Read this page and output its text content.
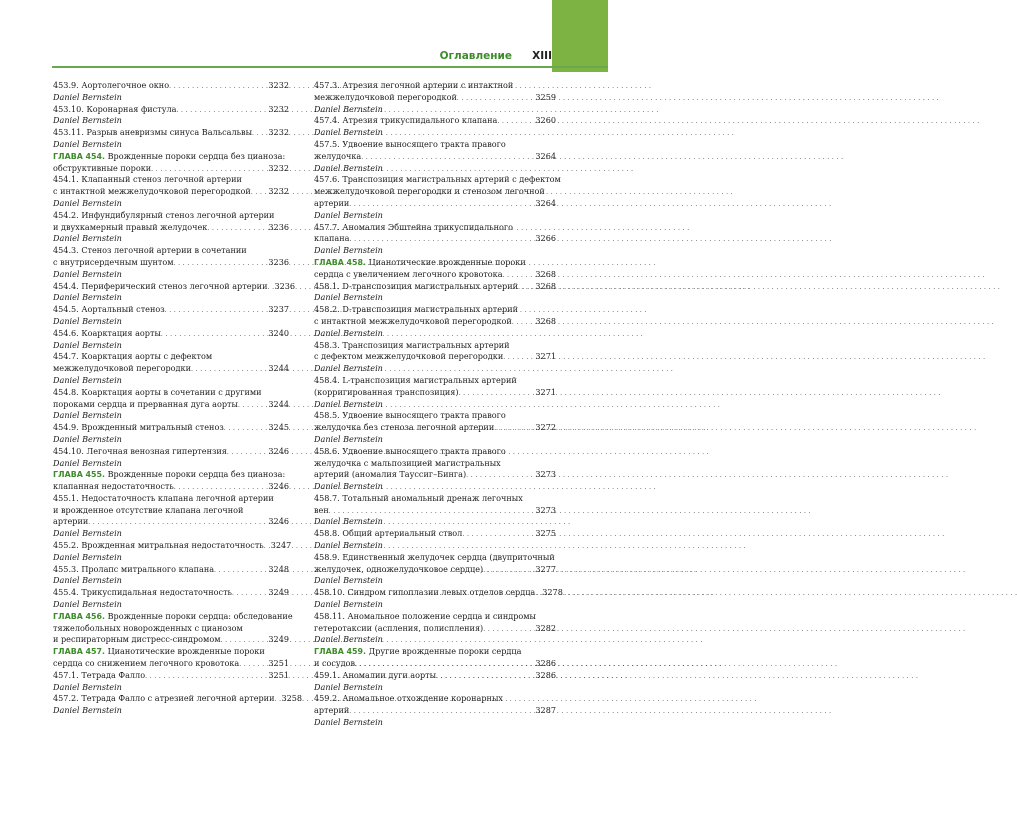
Оглавление XIII
453.9. Аортолегочное окно . . .	3232
Daniel Bernstein
453.10. Коронарная фистула . . .	3232
Daniel Bernstein
453.11. Разрыв аневризмы синуса Вальсальвы . . . 3232
Daniel Bernstein
ГЛАВА 454. Врожденные пороки сердца без цианоза:
обструктивные пороки . . .	3232
454.1. Клапанный стеноз легочной артерии
с интактной межжелудочковой перегородкой . . . 3232
Daniel Bernstein
454.2. Инфундибулярный стеноз легочной артерии
и двухкамерный правый желудочек . . .	3236
Daniel Bernstein
454.3. Стеноз легочной артерии в сочетании
с внутрисердечным шунтом . . .	3236
Daniel Bernstein
454.4. Периферический стеноз легочной артерии . . . 3236
Daniel Bernstein
454.5. Аортальный стеноз . . .	3237
Daniel Bernstein
454.6. Коарктация аорты . . .	3240
Daniel Bernstein
454.7. Коарктация аорты с дефектом
межжелудочковой перегородки . . .	3244
Daniel Bernstein
454.8. Коарктация аорты в сочетании с другими
пороками сердца и прерванная дуга аорты . . .	3244
Daniel Bernstein
454.9. Врожденный митральный стеноз . . .	3245
Daniel Bernstein
454.10. Легочная венозная гипертензия . . .	3246
Daniel Bernstein
ГЛАВА 455. Врожденные пороки сердца без цианоза:
клапанная недостаточность . . .	3246
455.1. Недостаточность клапана легочной артерии
и врожденное отсутствие клапана легочной
артерии . . .	3246
Daniel Bernstein
455.2. Врожденная митральная недостаточность . . . 3247
Daniel Bernstein
455.3. Пролапс митрального клапана . . .	3248
Daniel Bernstein
455.4. Трикуспидальная недостаточность . . .	3249
Daniel Bernstein
ГЛАВА 456. Врожденные пороки сердца: обследование
тяжелобольных новорожденных с цианозом
и респираторным дистресс-синдромом . . .	3249
ГЛАВА 457. Цианотические врожденные пороки
сердца со снижением легочного кровотока . . .	3251
457.1. Тетрада Фалло . . .	3251
Daniel Bernstein
457.2. Тетрада Фалло с атрезией легочной артерии . . . 3258
Daniel Bernstein
457.3. Атрезия легочной артерии с интактной
межжелудочковой перегородкой . . .	3259
Daniel Bernstein
457.4. Атрезия трикуспидального клапана . . .	3260
Daniel Bernstein
457.5. Удвоение выносящего тракта правого
желудочка . . .	3264
Daniel Bernstein
457.6. Транспозиция магистральных артерий с дефектом
межжелудочковой перегородки и стенозом легочной
артерии . . .	3264
Daniel Bernstein
457.7. Аномалия Эбштейна трикуспидального
клапана . . .	3266
Daniel Bernstein
ГЛАВА 458. Цианотические врожденные пороки
сердца с увеличением легочного кровотока . . .	3268
458.1. D-транспозиция магистральных артерий . . . 3268
Daniel Bernstein
458.2. D-транспозиция магистральных артерий
с интактной межжелудочковой перегородкой . . .	3268
Daniel Bernstein
458.3. Транспозиция магистральных артерий
с дефектом межжелудочковой перегородки . . .	3271
Daniel Bernstein
458.4. L-транспозиция магистральных артерий
(корригированная транспозиция) . . .	3271
Daniel Bernstein
458.5. Удвоение выносящего тракта правого
желудочка без стеноза легочной артерии . . .	3272
Daniel Bernstein
458.6. Удвоение выносящего тракта правого
желудочка с мальпозицией магистральных
артерий (аномалия Тауссиг–Бинга) . . .	3273
Daniel Bernstein
458.7. Тотальный аномальный дренаж легочных
вен . . .	3273
Daniel Bernstein
458.8. Общий артериальный ствол . . .	3275
Daniel Bernstein
458.9. Единственный желудочек сердца (двуприточный
желудочек, одножелудочковое сердце) . . .	3277
Daniel Bernstein
458.10. Синдром гипоплазии левых отделов сердца . . . 3278
Daniel Bernstein
458.11. Аномальное положение сердца и синдромы
гетеротаксии (аспления, полиспления) . . .	3282
Daniel Bernstein
ГЛАВА 459. Другие врожденные пороки сердца
и сосудов . . .	3286
459.1. Аномалии дуги аорты . . .	3286
Daniel Bernstein
459.2. Аномальное отхождение коронарных
артерий . . .	3287
Daniel Bernstein
